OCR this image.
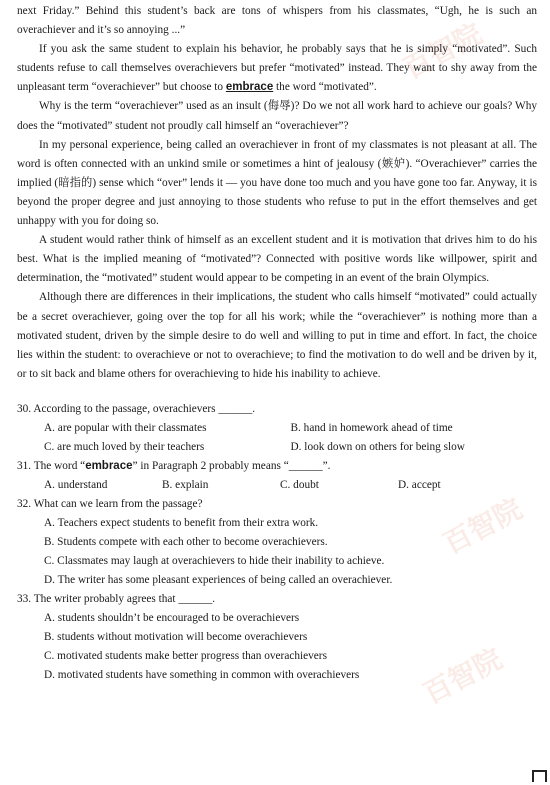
百智院
百智院
百智院

next Friday.” Behind this student’s back are tons of whispers from his classmates, “Ugh, he is such an overachiever and it’s so annoying ...”

If you ask the same student to explain his behavior, he probably says that he is simply “motivated”. Such students refuse to call themselves overachievers but prefer “motivated” instead. They want to shy away from the unpleasant term “overachiever” but choose to embrace the word “motivated”.

Why is the term “overachiever” used as an insult (侮辱)? Do we not all work hard to achieve our goals? Why does the “motivated” student not proudly call himself an “overachiever”?

In my personal experience, being called an overachiever in front of my classmates is not pleasant at all. The word is often connected with an unkind smile or sometimes a hint of jealousy (嫉妒). “Overachiever” carries the implied (暗指的) sense which “over” lends it — you have done too much and you have gone too far. Anyway, it is beyond the proper degree and just annoying to those students who refuse to put in the effort themselves and get unhappy with you for doing so.

A student would rather think of himself as an excellent student and it is motivation that drives him to do his best. What is the implied meaning of “motivated”? Connected with positive words like willpower, spirit and determination, the “motivated” student would appear to be competing in an event of the brain Olympics.

Although there are differences in their implications, the student who calls himself “motivated” could actually be a secret overachiever, going over the top for all his work; while the “overachiever” is nothing more than a motivated student, driven by the simple desire to do well and willing to put in time and effort. In fact, the choice lies within the student: to overachieve or not to overachieve; to find the motivation to do well and be driven by it, or to sit back and blame others for overachieving to hide his inability to achieve.

30. According to the passage, overachievers ______.

A. are popular with their classmates	B. hand in homework ahead of time
C. are much loved by their teachers	D. look down on others for being slow

31. The word “embrace” in Paragraph 2 probably means “______”.

A. understand	B. explain	C. doubt	D. accept

32. What can we learn from the passage?

A. Teachers expect students to benefit from their extra work.

B. Students compete with each other to become overachievers.

C. Classmates may laugh at overachievers to hide their inability to achieve.

D. The writer has some pleasant experiences of being called an overachiever.

33. The writer probably agrees that ______.

A. students shouldn’t be encouraged to be overachievers

B. students without motivation will become overachievers

C. motivated students make better progress than overachievers

D. motivated students have something in common with overachievers
